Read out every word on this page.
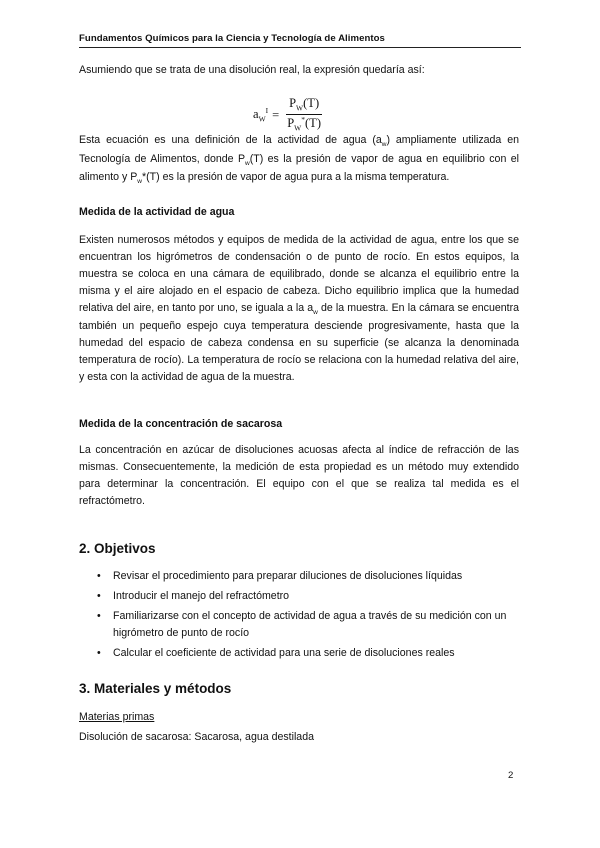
Fundamentos Químicos para la Ciencia y Tecnología de Alimentos

Asumiendo que se trata de una disolución real, la expresión quedaría así:

$a_W^I = \frac{P_W(T)}{P_W^*(T)}$

Esta ecuación es una definición de la actividad de agua $(a_w)$ ampliamente utilizada en Tecnología de Alimentos, donde $P_w(T)$ es la presión de vapor de agua en equilibrio con el alimento y $P_w*(T)$ es la presión de vapor de agua pura a la misma temperatura.

Medida de la actividad de agua

Existen numerosos métodos y equipos de medida de la actividad de agua, entre los que se encuentran los higrómetros de condensación o de punto de rocío. En estos equipos, la muestra se coloca en una cámara de equilibrado, donde se alcanza el equilibrio entre la misma y el aire alojado en el espacio de cabeza. Dicho equilibrio implica que la humedad relativa del aire, en tanto por uno, se iguala a la $a_w$ de la muestra. En la cámara se encuentra también un pequeño espejo cuya temperatura desciende progresivamente, hasta que la humedad del espacio de cabeza condensa en su superficie (se alcanza la denominada temperatura de rocío). La temperatura de rocío se relaciona con la humedad relativa del aire, y esta con la actividad de agua de la muestra.

Medida de la concentración de sacarosa

La concentración en azúcar de disoluciones acuosas afecta al índice de refracción de las mismas. Consecuentemente, la medición de esta propiedad es un método muy extendido para determinar la concentración. El equipo con el que se realiza tal medida es el refractómetro.

2. Objetivos
• Revisar el procedimiento para preparar diluciones de disoluciones líquidas
• Introducir el manejo del refractómetro
• Familiarizarse con el concepto de actividad de agua a través de su medición con un higrómetro de punto de rocío
• Calcular el coeficiente de actividad para una serie de disoluciones reales
3. Materiales y métodos
Materias primas
Disolución de sacarosa: Sacarosa, agua destilada
2
